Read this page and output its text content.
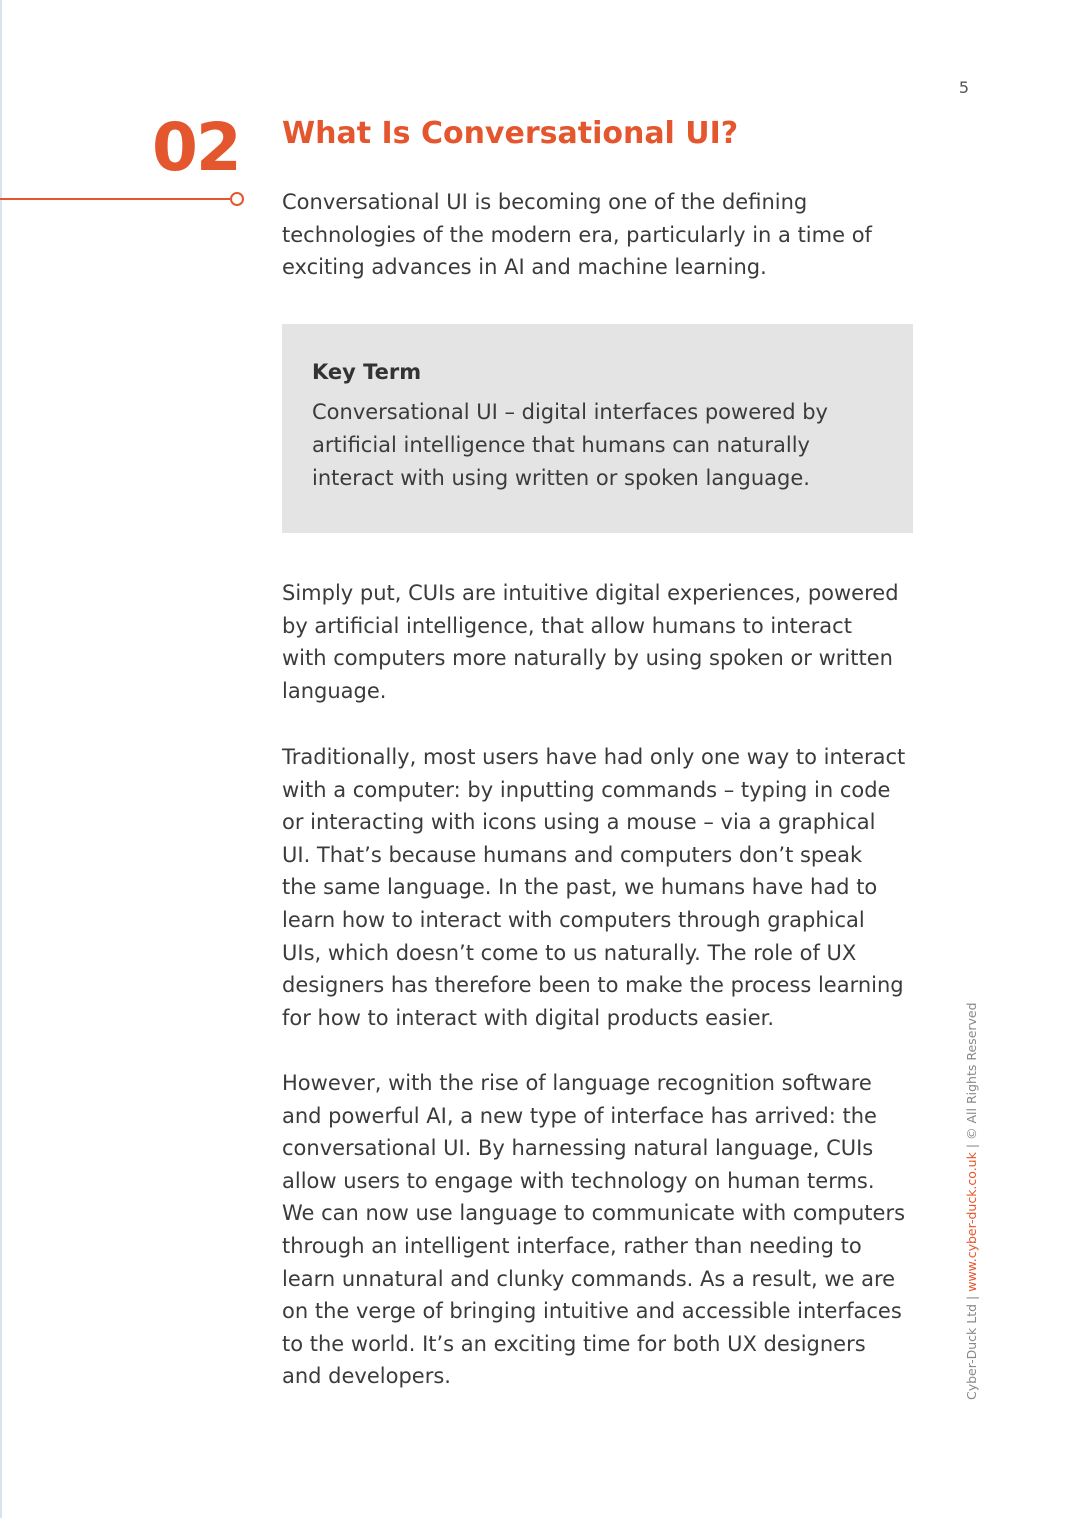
5
02 What Is Conversational UI?

Conversational UI is becoming one of the defining
technologies of the modern era, particularly in a time of
exciting advances in AI and machine learning.

Key Term

Conversational UI – digital interfaces powered by
artificial intelligence that humans can naturally
interact with using written or spoken language.

Simply put, CUIs are intuitive digital experiences, powered
by artificial intelligence, that allow humans to interact
with computers more naturally by using spoken or written
language.

Traditionally, most users have had only one way to interact
with a computer: by inputting commands – typing in code
or interacting with icons using a mouse – via a graphical
UI. That’s because humans and computers don’t speak
the same language. In the past, we humans have had to
learn how to interact with computers through graphical
UIs, which doesn’t come to us naturally. The role of UX
designers has therefore been to make the process learning
for how to interact with digital products easier.

However, with the rise of language recognition software
and powerful AI, a new type of interface has arrived: the
conversational UI. By harnessing natural language, CUIs
allow users to engage with technology on human terms.
We can now use language to communicate with computers
through an intelligent interface, rather than needing to
learn unnatural and clunky commands. As a result, we are
on the verge of bringing intuitive and accessible interfaces
to the world. It’s an exciting time for both UX designers
and developers.	Cyber-Duck Ltd | www.cyber-duck.co.uk | © All Rights Reserved
